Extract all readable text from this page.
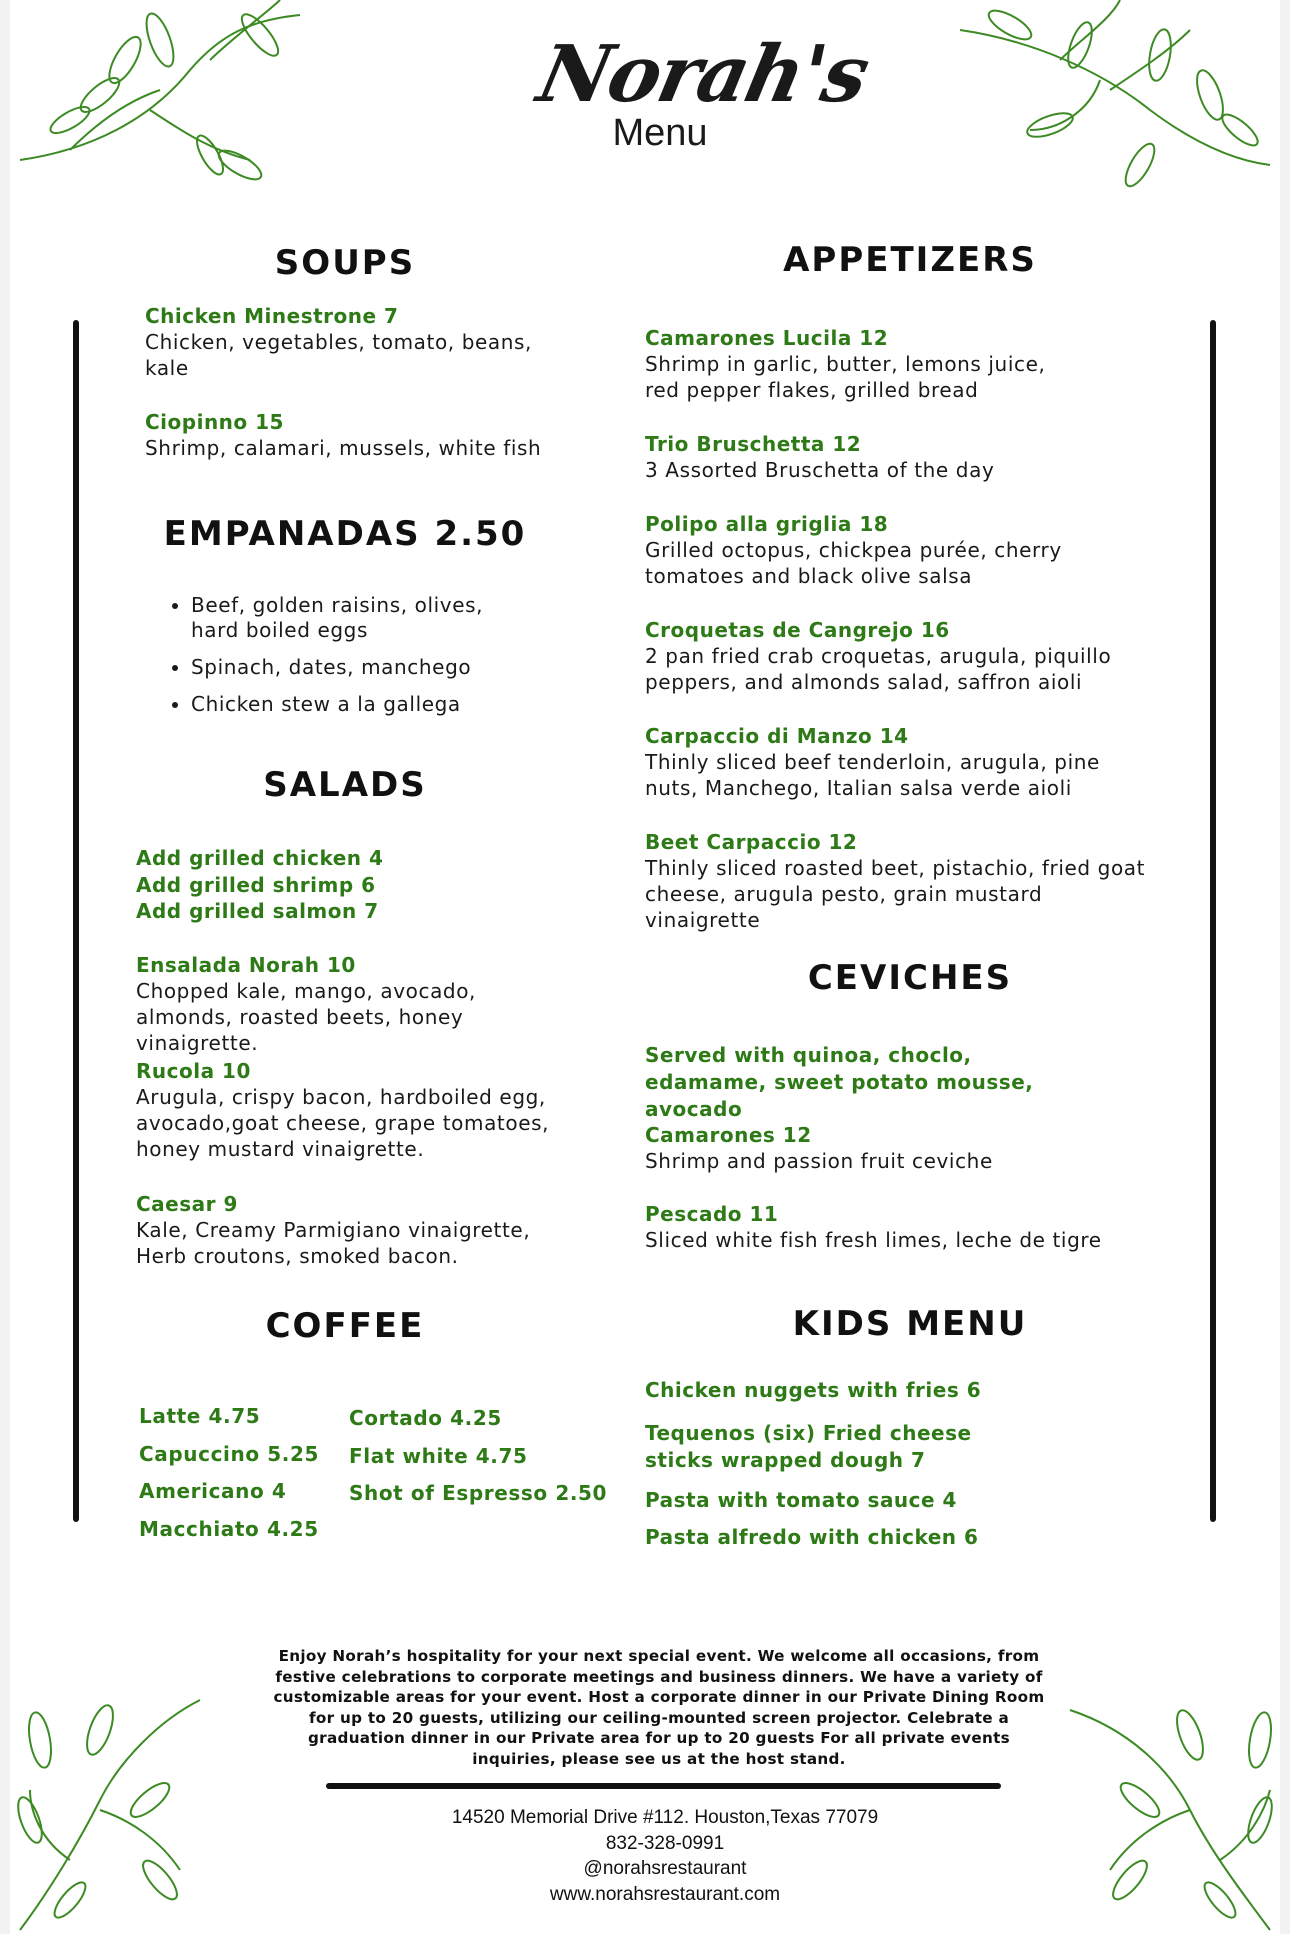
Norah's
Menu
SOUPS
Chicken Minestrone 7
Chicken, vegetables, tomato, beans, kale
Ciopinno 15
Shrimp, calamari, mussels, white fish
EMPANADAS 2.50
• Beef, golden raisins, olives, hard boiled eggs
• Spinach, dates, manchego
• Chicken stew a la gallega
SALADS
Add grilled chicken 4
Add grilled shrimp 6
Add grilled salmon 7
Ensalada Norah 10
Chopped kale, mango, avocado, almonds, roasted beets, honey vinaigrette.
Rucola 10
Arugula, crispy bacon, hardboiled egg, avocado,goat cheese, grape tomatoes, honey mustard vinaigrette.
Caesar 9
Kale, Creamy Parmigiano vinaigrette, Herb croutons, smoked bacon.
COFFEE
Latte 4.75
Capuccino 5.25
Americano 4
Macchiato 4.25
Cortado 4.25
Flat white 4.75
Shot of Espresso 2.50
APPETIZERS
Camarones Lucila 12
Shrimp in garlic, butter, lemons juice, red pepper flakes, grilled bread
Trio Bruschetta 12
3 Assorted Bruschetta of the day
Polipo alla griglia 18
Grilled octopus, chickpea purée, cherry tomatoes and black olive salsa
Croquetas de Cangrejo 16
2 pan fried crab croquetas, arugula, piquillo peppers, and almonds salad, saffron aioli
Carpaccio di Manzo 14
Thinly sliced beef tenderloin, arugula, pine nuts, Manchego, Italian salsa verde aioli
Beet Carpaccio 12
Thinly sliced roasted beet, pistachio, fried goat cheese, arugula pesto, grain mustard vinaigrette
CEVICHES
Served with quinoa, choclo, edamame, sweet potato mousse, avocado
Camarones 12
Shrimp and passion fruit ceviche
Pescado 11
Sliced white fish fresh limes, leche de tigre
KIDS MENU
Chicken nuggets with fries 6
Tequenos (six) Fried cheese sticks wrapped dough 7
Pasta with tomato sauce 4
Pasta alfredo with chicken 6
Enjoy Norah’s hospitality for your next special event. We welcome all occasions, from festive celebrations to corporate meetings and business dinners. We have a variety of customizable areas for your event. Host a corporate dinner in our Private Dining Room for up to 20 guests, utilizing our ceiling-mounted screen projector. Celebrate a graduation dinner in our Private area for up to 20 guests For all private events inquiries, please see us at the host stand.
14520 Memorial Drive #112. Houston,Texas 77079
832-328-0991
@norahsrestaurant
www.norahsrestaurant.com
